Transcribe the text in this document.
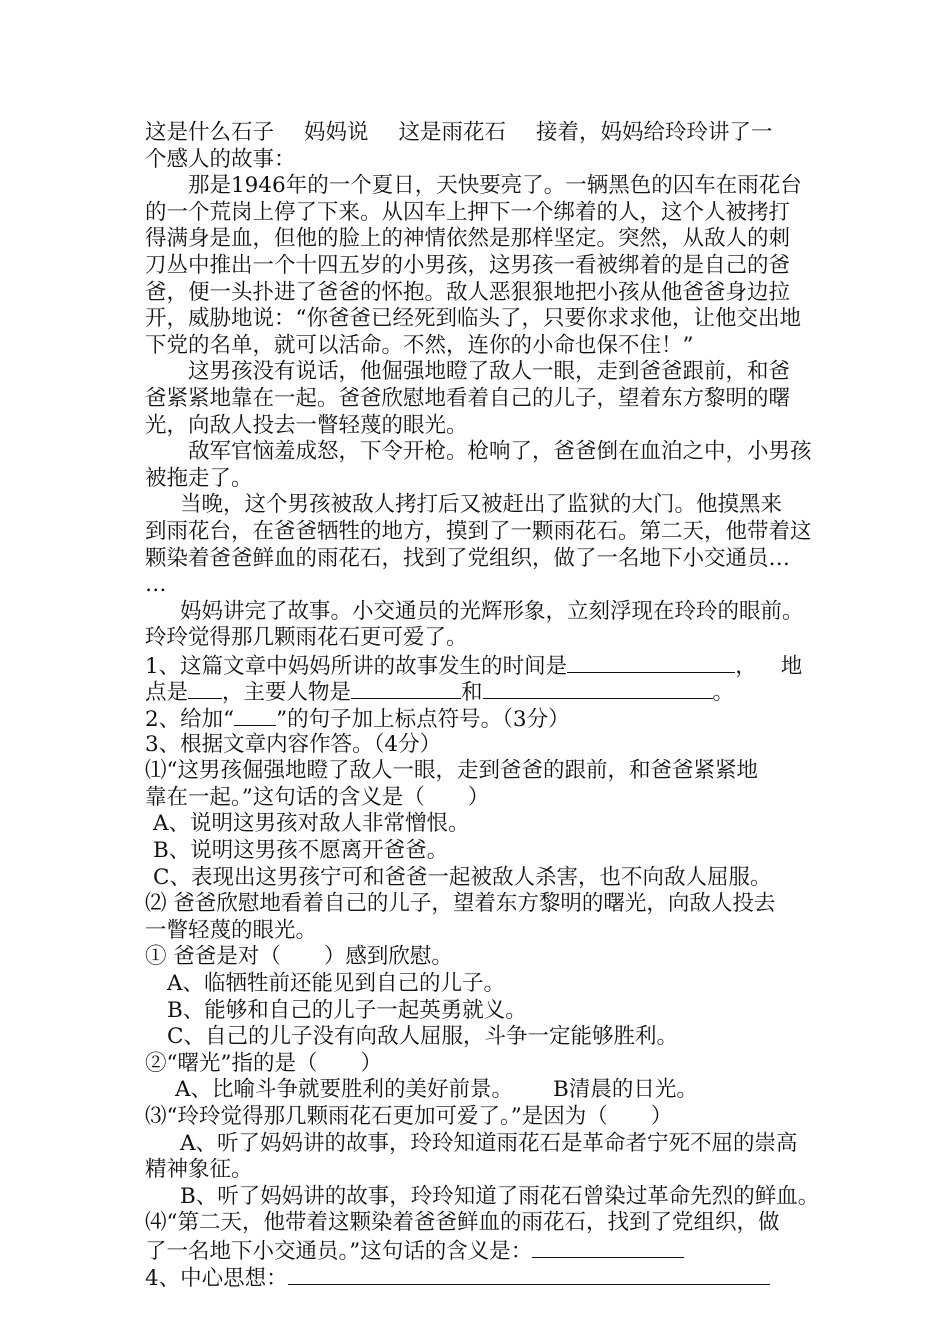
这是什么石子 妈妈说 这是雨花石 接着，妈妈给玲玲讲了一
个感人的故事：
那是1946年的一个夏日，天快要亮了。一辆黑色的囚车在雨花台
的一个荒岗上停了下来。从囚车上押下一个绑着的人，这个人被拷打
得满身是血，但他的脸上的神情依然是那样坚定。突然，从敌人的刺
刀丛中推出一个十四五岁的小男孩，这男孩一看被绑着的是自己的爸
爸，便一头扑进了爸爸的怀抱。敌人恶狠狠地把小孩从他爸爸身边拉
开，威胁地说：“你爸爸已经死到临头了，只要你求求他，让他交出地
下党的名单，就可以活命。不然，连你的小命也保不住！”
这男孩没有说话，他倔强地瞪了敌人一眼，走到爸爸跟前，和爸
爸紧紧地靠在一起。爸爸欣慰地看着自己的儿子，望着东方黎明的曙
光，向敌人投去一瞥轻蔑的眼光。
敌军官恼羞成怒，下令开枪。枪响了，爸爸倒在血泊之中，小男孩
被拖走了。
当晚，这个男孩被敌人拷打后又被赶出了监狱的大门。他摸黑来
到雨花台，在爸爸牺牲的地方，摸到了一颗雨花石。第二天，他带着这
颗染着爸爸鲜血的雨花石，找到了党组织，做了一名地下小交通员…
…
妈妈讲完了故事。小交通员的光辉形象，立刻浮现在玲玲的眼前。
玲玲觉得那几颗雨花石更可爱了。
1、这篇文章中妈妈所讲的故事发生的时间是	， 地
点是 ，主要人物是	和	。
2、给加“ ”的句子加上标点符号。（3分）
3、根据文章内容作答。（4分）
⑴“这男孩倔强地瞪了敌人一眼，走到爸爸的跟前，和爸爸紧紧地
靠在一起。”这句话的含义是（　　）
A、说明这男孩对敌人非常憎恨。
B、说明这男孩不愿离开爸爸。
C、表现出这男孩宁可和爸爸一起被敌人杀害，也不向敌人屈服。
⑵ 爸爸欣慰地看着自己的儿子，望着东方黎明的曙光，向敌人投去
一瞥轻蔑的眼光。
① 爸爸是对（　　）感到欣慰。
A、临牺牲前还能见到自己的儿子。
B、能够和自己的儿子一起英勇就义。
C、自己的儿子没有向敌人屈服，斗争一定能够胜利。
②“曙光”指的是（　　）
A、比喻斗争就要胜利的美好前景。 B清晨的日光。
⑶“玲玲觉得那几颗雨花石更加可爱了。”是因为（　　）
A、听了妈妈讲的故事，玲玲知道雨花石是革命者宁死不屈的崇高
精神象征。
B、听了妈妈讲的故事，玲玲知道了雨花石曾染过革命先烈的鲜血。
⑷“第二天，他带着这颗染着爸爸鲜血的雨花石，找到了党组织，做
了一名地下小交通员。”这句话的含义是：
4、中心思想：
